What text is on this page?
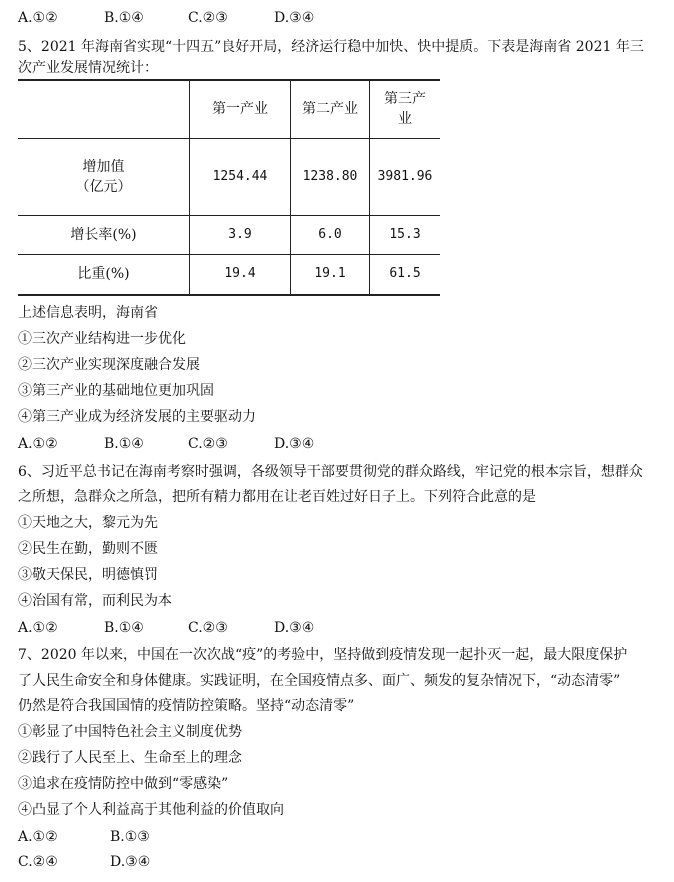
A.①②	B.①④	C.②③	D.③④
5、2021 年海南省实现“十四五”良好开局，经济运行稳中加快、快中提质。下表是海南省 2021 年三
次产业发展情况统计：
	第一产业	第二产业	第三产
业

增加值
（亿元）	1254.44	1238.80	3981.96
增长率(%)	3.9	6.0	15.3
比重(%)	19.4	19.1	61.5
上述信息表明，海南省
①三次产业结构进一步优化
②三次产业实现深度融合发展
③第三产业的基础地位更加巩固
④第三产业成为经济发展的主要驱动力
A.①②	B.①④	C.②③	D.③④
6、习近平总书记在海南考察时强调，各级领导干部要贯彻党的群众路线，牢记党的根本宗旨，想群众
之所想，急群众之所急，把所有精力都用在让老百姓过好日子上。下列符合此意的是
①天地之大，黎元为先
②民生在勤，勤则不匮
③敬天保民，明德慎罚
④治国有常，而利民为本
A.①②	B.①④	C.②③	D.③④
7、2020 年以来，中国在一次次战“疫”的考验中，坚持做到疫情发现一起扑灭一起，最大限度保护
了人民生命安全和身体健康。实践证明，在全国疫情点多、面广、频发的复杂情况下，“动态清零”
仍然是符合我国国情的疫情防控策略。坚持“动态清零”
①彰显了中国特色社会主义制度优势
②践行了人民至上、生命至上的理念
③追求在疫情防控中做到“零感染”
④凸显了个人利益高于其他利益的价值取向
A.①②	B.①③
C.②④	D.③④
